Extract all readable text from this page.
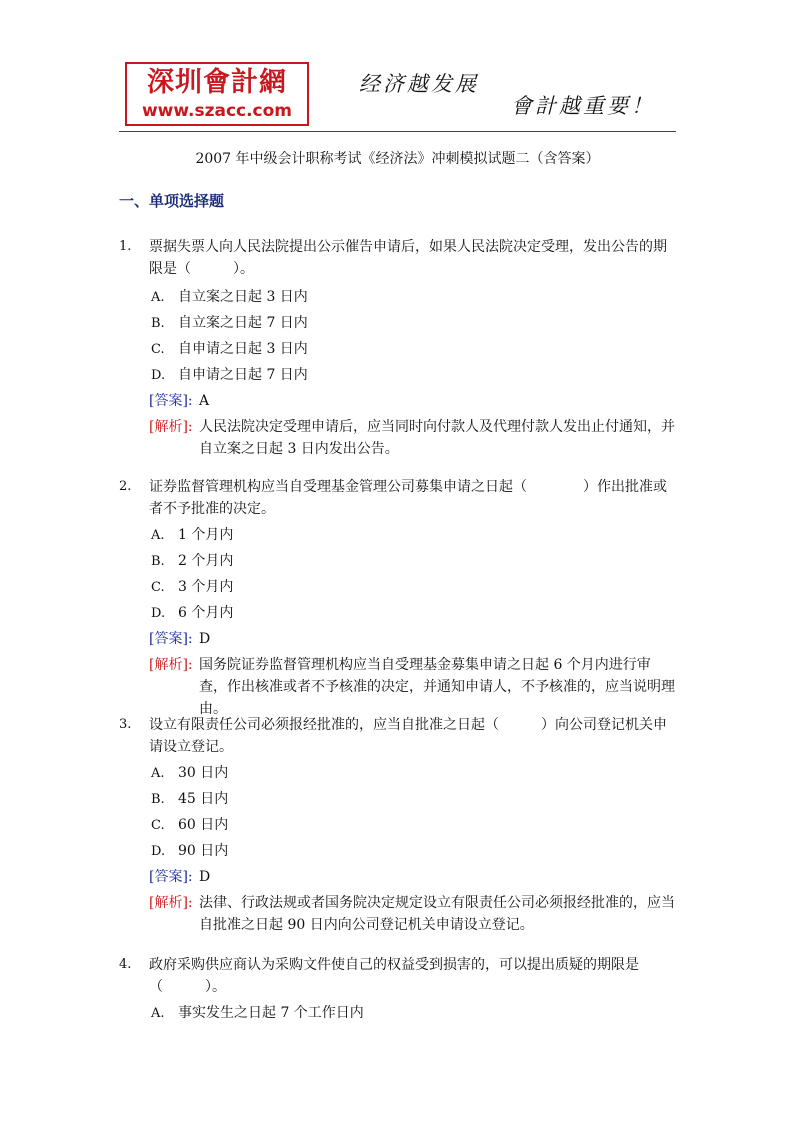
深圳會計網
www.szacc.com
经济越发展
會計越重要！
2007 年中级会计职称考试《经济法》冲刺模拟试题二（含答案）
一、单项选择题
1. 票据失票人向人民法院提出公示催告申请后，如果人民法院决定受理，发出公告的期限是（　　　）。
A. 自立案之日起 3 日内
B. 自立案之日起 7 日内
C. 自申请之日起 3 日内
D. 自申请之日起 7 日内
[答案]: A
[解析]: 人民法院决定受理申请后，应当同时向付款人及代理付款人发出止付通知，并自立案之日起 3 日内发出公告。
2. 证券监督管理机构应当自受理基金管理公司募集申请之日起（　　　　）作出批准或者不予批准的决定。
A. 1 个月内
B. 2 个月内
C. 3 个月内
D. 6 个月内
[答案]: D
[解析]: 国务院证券监督管理机构应当自受理基金募集申请之日起 6 个月内进行审查，作出核准或者不予核准的决定，并通知申请人，不予核准的，应当说明理由。
3. 设立有限责任公司必须报经批准的，应当自批准之日起（　　　）向公司登记机关申请设立登记。
A. 30 日内
B. 45 日内
C. 60 日内
D. 90 日内
[答案]: D
[解析]: 法律、行政法规或者国务院决定规定设立有限责任公司必须报经批准的，应当自批准之日起 90 日内向公司登记机关申请设立登记。
4. 政府采购供应商认为采购文件使自己的权益受到损害的，可以提出质疑的期限是（　　　）。
A. 事实发生之日起 7 个工作日内
